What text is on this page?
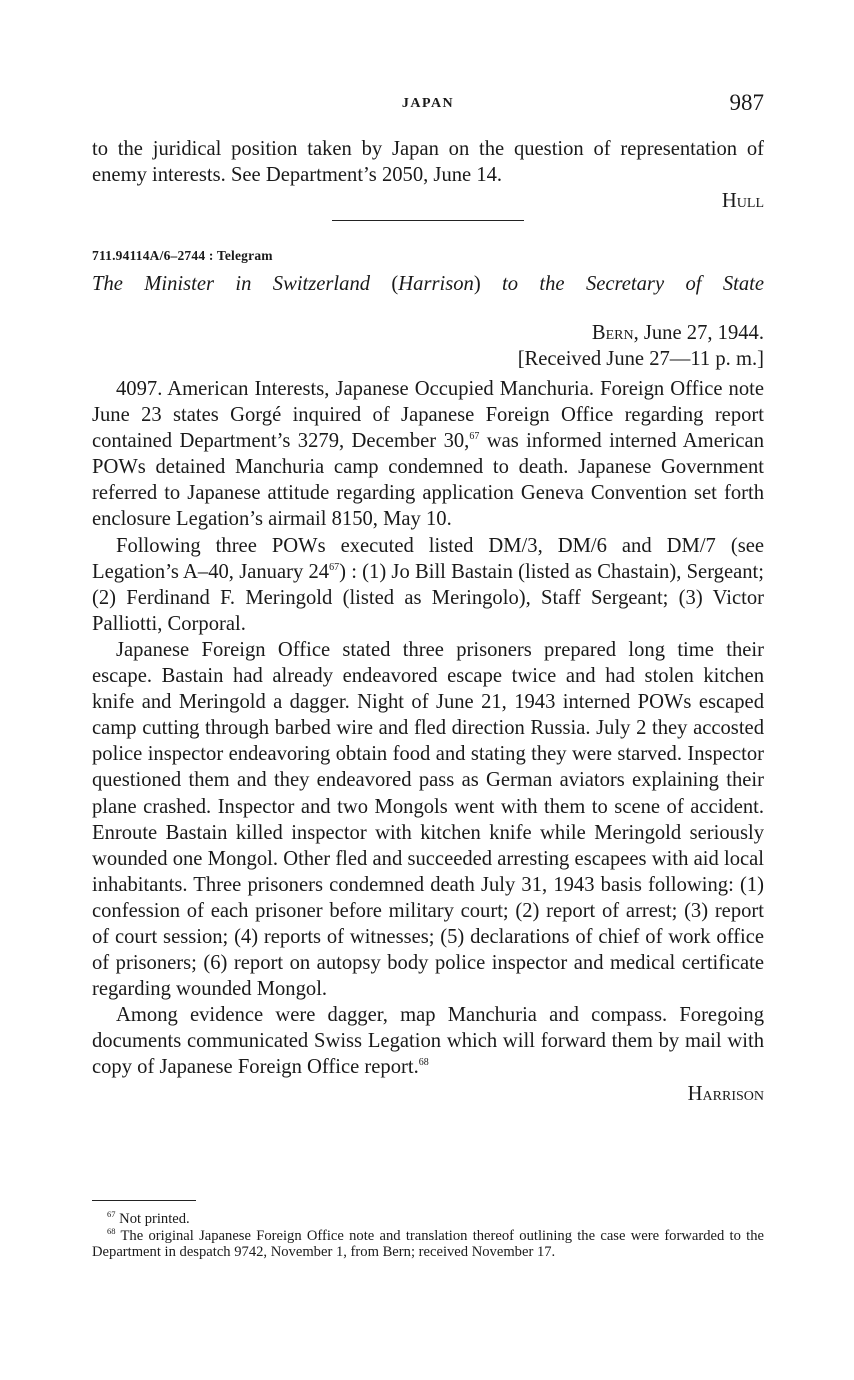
JAPAN	987

to the juridical position taken by Japan on the question of representation of enemy interests. See Department’s 2050, June 14.

Hull

711.94114A/6–2744 : Telegram
The Minister in Switzerland (Harrison) to the Secretary of State
Bern, June 27, 1944.
[Received June 27—11 p. m.]

4097. American Interests, Japanese Occupied Manchuria. Foreign Office note June 23 states Gorgé inquired of Japanese Foreign Office regarding report contained Department’s 3279, December 30,67 was informed interned American POWs detained Manchuria camp condemned to death. Japanese Government referred to Japanese attitude regarding application Geneva Convention set forth enclosure Legation’s airmail 8150, May 10.

Following three POWs executed listed DM/3, DM/6 and DM/7 (see Legation’s A–40, January $24^{67}$) : (1) Jo Bill Bastain (listed as Chastain), Sergeant; (2) Ferdinand F. Meringold (listed as Meringolo), Staff Sergeant; (3) Victor Palliotti, Corporal.

Japanese Foreign Office stated three prisoners prepared long time their escape. Bastain had already endeavored escape twice and had stolen kitchen knife and Meringold a dagger. Night of June 21, 1943 interned POWs escaped camp cutting through barbed wire and fled direction Russia. July 2 they accosted police inspector endeavoring obtain food and stating they were starved. Inspector questioned them and they endeavored pass as German aviators explaining their plane crashed. Inspector and two Mongols went with them to scene of accident. Enroute Bastain killed inspector with kitchen knife while Meringold seriously wounded one Mongol. Other fled and succeeded arresting escapees with aid local inhabitants. Three prisoners condemned death July 31, 1943 basis following: (1) confession of each prisoner before military court; (2) report of arrest; (3) report of court session; (4) reports of witnesses; (5) declarations of chief of work office of prisoners; (6) report on autopsy body police inspector and medical certificate regarding wounded Mongol.

Among evidence were dagger, map Manchuria and compass. Foregoing documents communicated Swiss Legation which will forward them by mail with copy of Japanese Foreign Office report.$^{68}$

Harrison

$^{67}$ Not printed.

$^{68}$ The original Japanese Foreign Office note and translation thereof outlining the case were forwarded to the Department in despatch 9742, November 1, from Bern; received November 17.
